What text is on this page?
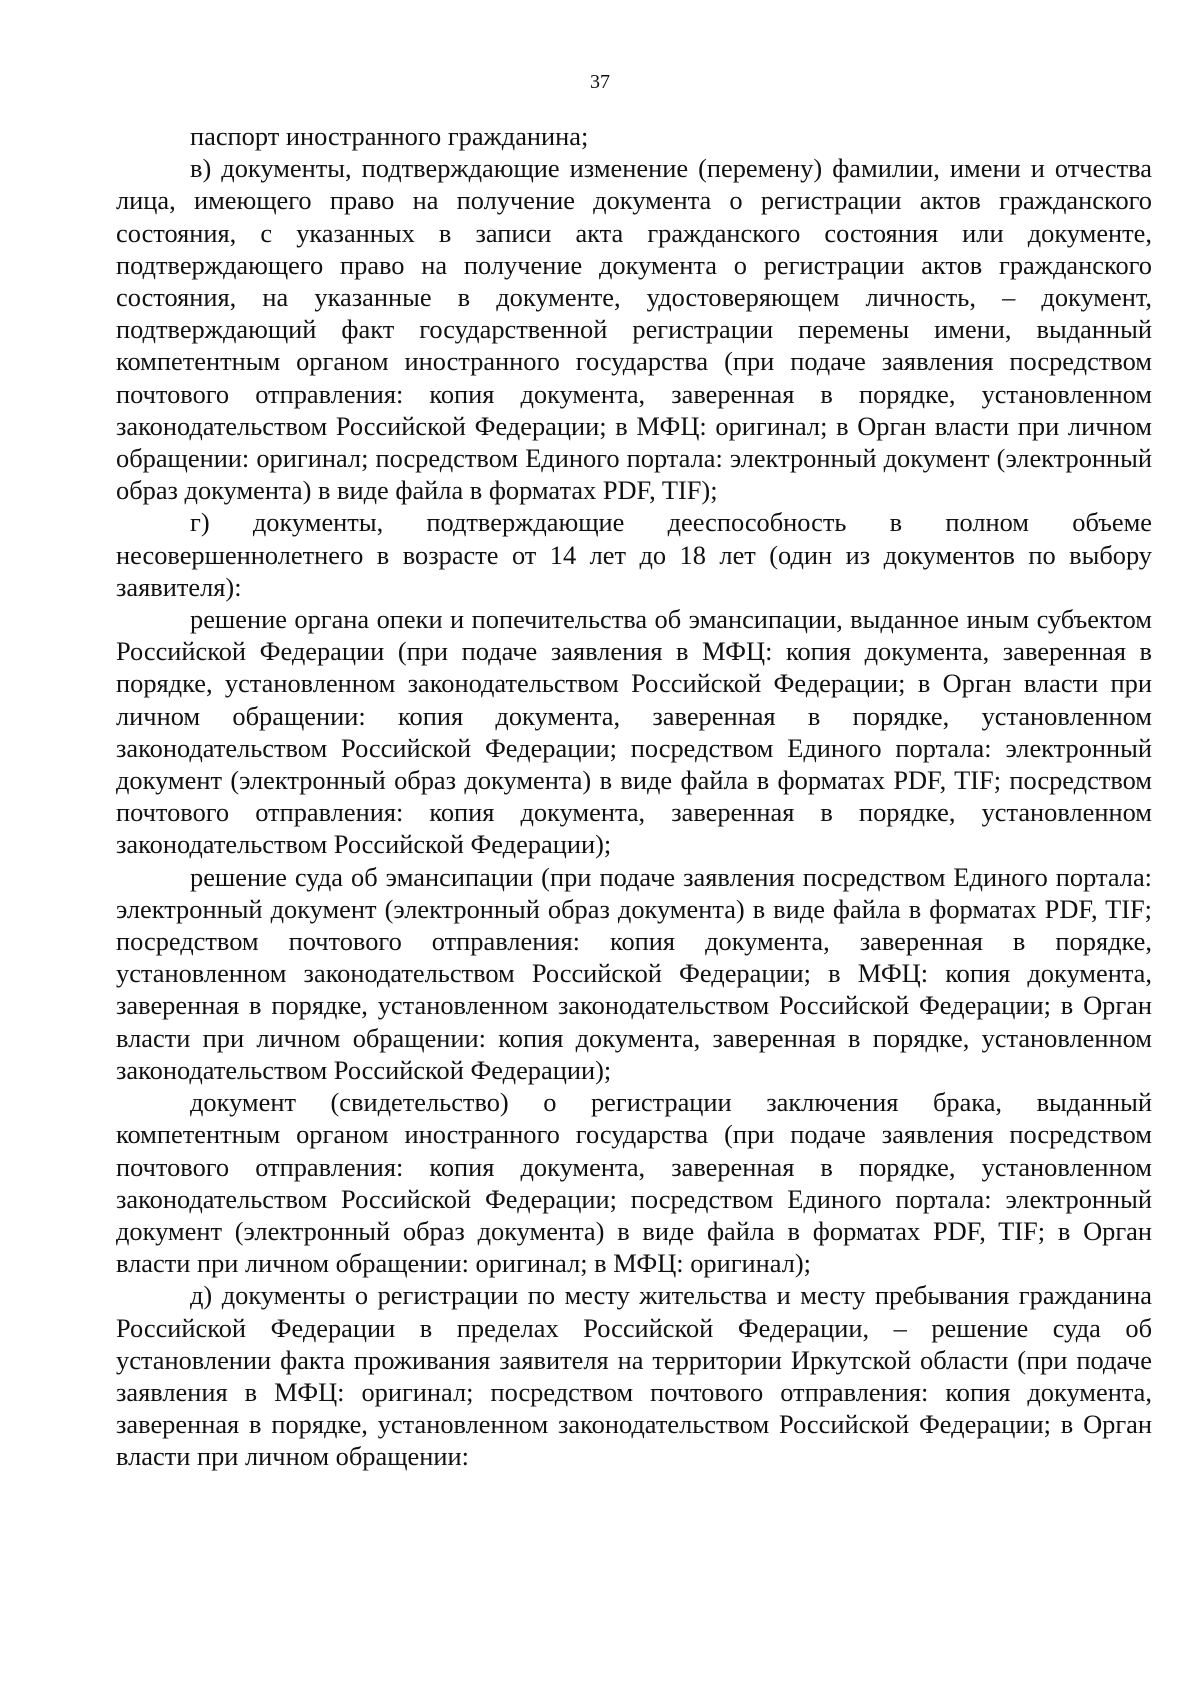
37

паспорт иностранного гражданина;

в) документы, подтверждающие изменение (перемену) фамилии, имени и отчества лица, имеющего право на получение документа о регистрации актов гражданского состояния, с указанных в записи акта гражданского состояния или документе, подтверждающего право на получение документа о регистрации актов гражданского состояния, на указанные в документе, удостоверяющем личность, – документ, подтверждающий факт государственной регистрации перемены имени, выданный компетентным органом иностранного государства (при подаче заявления посредством почтового отправления: копия документа, заверенная в порядке, установленном законодательством Российской Федерации; в МФЦ: оригинал; в Орган власти при личном обращении: оригинал; посредством Единого портала: электронный документ (электронный образ документа) в виде файла в форматах PDF, TIF);

г) документы, подтверждающие дееспособность в полном объеме несовершеннолетнего в возрасте от 14 лет до 18 лет (один из документов по выбору заявителя):

решение органа опеки и попечительства об эмансипации, выданное иным субъектом Российской Федерации (при подаче заявления в МФЦ: копия документа, заверенная в порядке, установленном законодательством Российской Федерации; в Орган власти при личном обращении: копия документа, заверенная в порядке, установленном законодательством Российской Федерации; посредством Единого портала: электронный документ (электронный образ документа) в виде файла в форматах PDF, TIF; посредством почтового отправления: копия документа, заверенная в порядке, установленном законодательством Российской Федерации);

решение суда об эмансипации (при подаче заявления посредством Единого портала: электронный документ (электронный образ документа) в виде файла в форматах PDF, TIF; посредством почтового отправления: копия документа, заверенная в порядке, установленном законодательством Российской Федерации; в МФЦ: копия документа, заверенная в порядке, установленном законодательством Российской Федерации; в Орган власти при личном обращении: копия документа, заверенная в порядке, установленном законодательством Российской Федерации);

документ (свидетельство) о регистрации заключения брака, выданный компетентным органом иностранного государства (при подаче заявления посредством почтового отправления: копия документа, заверенная в порядке, установленном законодательством Российской Федерации; посредством Единого портала: электронный документ (электронный образ документа) в виде файла в форматах PDF, TIF; в Орган власти при личном обращении: оригинал; в МФЦ: оригинал);

д) документы о регистрации по месту жительства и месту пребывания гражданина Российской Федерации в пределах Российской Федерации, – решение суда об установлении факта проживания заявителя на территории Иркутской области (при подаче заявления в МФЦ: оригинал; посредством почтового отправления: копия документа, заверенная в порядке, установленном законодательством Российской Федерации; в Орган власти при личном обращении:
